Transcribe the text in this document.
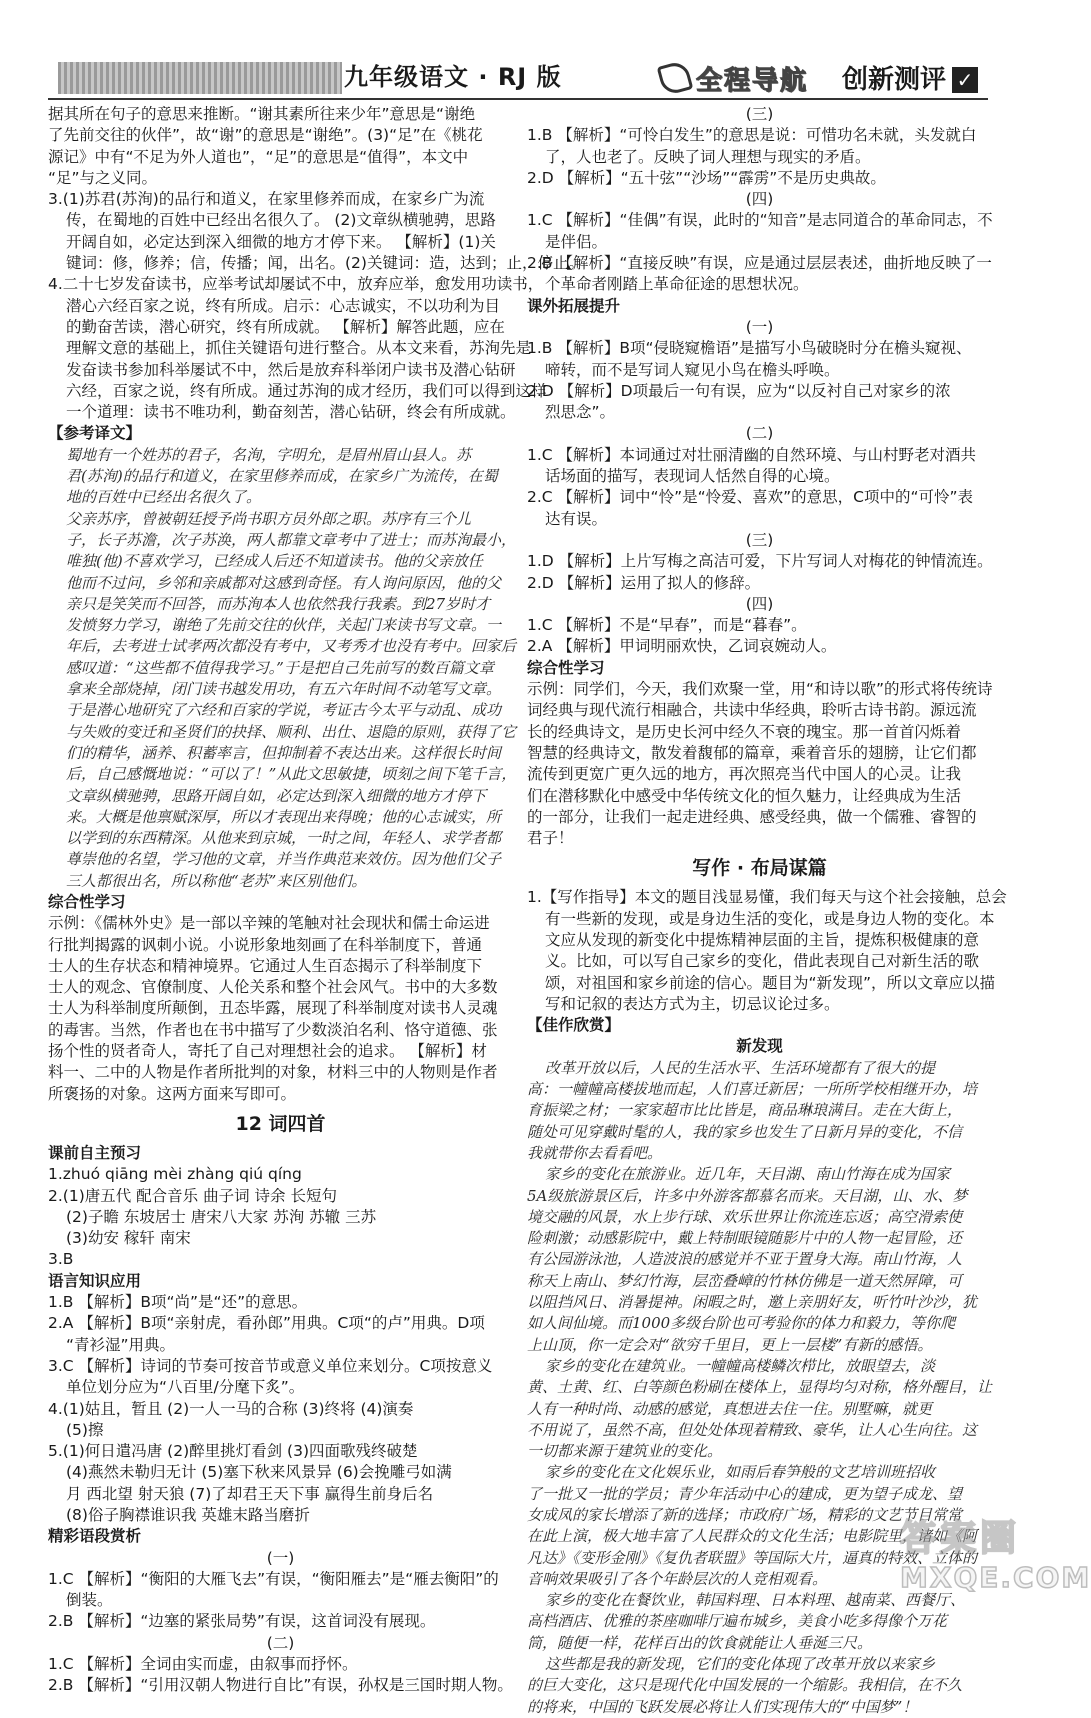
九年级语文 · RJ 版	全程导航 创新测评 ✓
据其所在句子的意思来推断。“谢其素所往来少年”意思是“谢绝
了先前交往的伙伴”，故“谢”的意思是“谢绝”。(3)“足”在《桃花
源记》中有“不足为外人道也”，“足”的意思是“值得”，本文中
“足”与之义同。
3.(1)苏君(苏洵)的品行和道义，在家里修养而成，在家乡广为流
传，在蜀地的百姓中已经出名很久了。 (2)文章纵横驰骋，思路
开阔自如，必定达到深入细微的地方才停下来。 【解析】(1)关
键词：修，修养；信，传播；闻，出名。(2)关键词：造，达到；止，停止。
4.二十七岁发奋读书，应举考试却屡试不中，放弃应举，愈发用功读书，
潜心六经百家之说，终有所成。启示：心志诚实，不以功利为目
的勤奋苦读，潜心研究，终有所成就。 【解析】解答此题，应在
理解文意的基础上，抓住关键语句进行整合。从本文来看，苏洵先是
发奋读书参加科举屡试不中，然后是放弃科举闭户读书及潜心钻研
六经，百家之说，终有所成。通过苏洵的成才经历，我们可以得到这样
一个道理：读书不唯功利，勤奋刻苦，潜心钻研，终会有所成就。
【参考译文】
蜀地有一个姓苏的君子，名洵，字明允，是眉州眉山县人。苏
君(苏洵)的品行和道义，在家里修养而成，在家乡广为流传，在蜀
地的百姓中已经出名很久了。
父亲苏序，曾被朝廷授予尚书职方员外郎之职。苏序有三个儿
子，长子苏澹，次子苏涣，两人都靠文章考中了进士；而苏洵最小，
唯独(他)不喜欢学习，已经成人后还不知道读书。他的父亲放任
他而不过问，乡邻和亲戚都对这感到奇怪。有人询问原因，他的父
亲只是笑笑而不回答，而苏洵本人也依然我行我素。到27岁时才
发愤努力学习，谢绝了先前交往的伙伴，关起门来读书写文章。一
年后，去考进士试孝两次都没有考中，又考秀才也没有考中。回家后
感叹道：“这些都不值得我学习。”于是把自己先前写的数百篇文章
拿来全部烧掉，闭门读书越发用功，有五六年时间不动笔写文章。
于是潜心地研究了六经和百家的学说，考证古今太平与动乱、成功
与失败的变迁和圣贤们的抉择、顺利、出仕、退隐的原则，获得了它
们的精华，涵养、积蓄率言，但抑制着不表达出来。这样很长时间
后，自己感慨地说：“可以了！”从此文思敏捷，顷刻之间下笔千言，
文章纵横驰骋，思路开阔自如，必定达到深入细微的地方才停下
来。大概是他禀赋深厚，所以才表现出来得晚；他的心志诚实，所
以学到的东西精深。从他来到京城，一时之间，年轻人、求学者都
尊崇他的名望，学习他的文章，并当作典范来效仿。因为他们父子
三人都很出名，所以称他“老苏”来区别他们。
综合性学习
示例：《儒林外史》是一部以辛辣的笔触对社会现状和儒士命运进
行批判揭露的讽刺小说。小说形象地刻画了在科举制度下，普通
士人的生存状态和精神境界。它通过人生百态揭示了科举制度下
士人的观念、官僚制度、人伦关系和整个社会风气。书中的大多数
士人为科举制度所颠倒，丑态毕露，展现了科举制度对读书人灵魂
的毒害。当然，作者也在书中描写了少数淡泊名利、恪守道德、张
扬个性的贤者奇人，寄托了自己对理想社会的追求。 【解析】材
料一、二中的人物是作者所批判的对象，材料三中的人物则是作者
所褒扬的对象。这两方面来写即可。
12 词四首
课前自主预习
1.zhuó qiāng mèi zhàng qiú qíng
2.(1)唐五代 配合音乐 曲子词 诗余 长短句
(2)子瞻 东坡居士 唐宋八大家 苏洵 苏辙 三苏
(3)幼安 稼轩 南宋
3.B
语言知识应用
1.B 【解析】B项“尚”是“还”的意思。
2.A 【解析】B项“亲射虎，看孙郎”用典。C项“的卢”用典。D项
“青衫湿”用典。
3.C 【解析】诗词的节奏可按音节或意义单位来划分。C项按意义
单位划分应为“八百里/分麾下炙”。
4.(1)姑且，暂且 (2)一人一马的合称 (3)终将 (4)演奏
(5)擦
5.(1)何日遣冯唐 (2)醉里挑灯看剑 (3)四面歌残终破楚
(4)燕然未勒归无计 (5)塞下秋来风景异 (6)会挽雕弓如满
月 西北望 射天狼 (7)了却君王天下事 赢得生前身后名
(8)俗子胸襟谁识我 英雄末路当磨折
精彩语段赏析
(一)
1.C 【解析】“衡阳的大雁飞去”有误，“衡阳雁去”是“雁去衡阳”的
倒装。
2.B 【解析】“边塞的紧张局势”有误，这首词没有展现。
(二)
1.C 【解析】全词由实而虚，由叙事而抒怀。
2.B 【解析】“引用汉朝人物进行自比”有误，孙权是三国时期人物。
(三)
1.B 【解析】“可怜白发生”的意思是说：可惜功名未就，头发就白
了，人也老了。反映了词人理想与现实的矛盾。
2.D 【解析】“五十弦”“沙场”“霹雳”不是历史典故。
(四)
1.C 【解析】“佳偶”有误，此时的“知音”是志同道合的革命同志，不
是伴侣。
2.B 【解析】“直接反映”有误，应是通过层层表述，曲折地反映了一
个革命者刚踏上革命征途的思想状况。
课外拓展提升
(一)
1.B 【解析】B项“侵晓窥檐语”是描写小鸟破晓时分在檐头窥视、
啼转，而不是写词人窥见小鸟在檐头呼唤。
2.D 【解析】D项最后一句有误，应为“以反衬自己对家乡的浓
烈思念”。
(二)
1.C 【解析】本词通过对壮丽清幽的自然环境、与山村野老对酒共
话场面的描写，表现词人恬然自得的心境。
2.C 【解析】词中“怜”是“怜爱、喜欢”的意思，C项中的“可怜”表
达有误。
(三)
1.D 【解析】上片写梅之高洁可爱，下片写词人对梅花的钟情流连。
2.D 【解析】运用了拟人的修辞。
(四)
1.C 【解析】不是“早春”，而是“暮春”。
2.A 【解析】甲词明丽欢快，乙词哀婉动人。
综合性学习
示例：同学们，今天，我们欢聚一堂，用“和诗以歌”的形式将传统诗
词经典与现代流行相融合，共读中华经典，聆听古诗书韵。源远流
长的经典诗文，是历史长河中经久不衰的瑰宝。那一首首闪烁着
智慧的经典诗文，散发着馥郁的篇章，乘着音乐的翅膀，让它们都
流传到更宽广更久远的地方，再次照亮当代中国人的心灵。让我
们在潜移默化中感受中华传统文化的恒久魅力，让经典成为生活
的一部分，让我们一起走进经典、感受经典，做一个儒雅、睿智的
君子！
写作 · 布局谋篇
1.【写作指导】本文的题目浅显易懂，我们每天与这个社会接触，总会
有一些新的发现，或是身边生活的变化，或是身边人物的变化。本
文应从发现的新变化中提炼精神层面的主旨，提炼积极健康的意
义。比如，可以写自己家乡的变化，借此表现自己对新生活的歌
颂，对祖国和家乡前途的信心。题目为“新发现”，所以文章应以描
写和记叙的表达方式为主，切忌议论过多。
【佳作欣赏】
新发现
改革开放以后，人民的生活水平、生活环境都有了很大的提
高：一幢幢高楼拔地而起，人们喜迁新居；一所所学校相继开办，培
育振梁之材；一家家超市比比皆是，商品琳琅满目。走在大街上，
随处可见穿戴时髦的人，我的家乡也发生了日新月异的变化，不信
我就带你去看看吧。
家乡的变化在旅游业。近几年，天目湖、南山竹海在成为国家
5A级旅游景区后，许多中外游客都慕名而来。天目湖，山、水、梦
境交融的风景，水上步行球、欢乐世界让你流连忘返；高空滑索使
险刺激；动感影院中，戴上特制眼镜随影片中的人物一起冒险，还
有公园游泳池，人造波浪的感觉并不亚于置身大海。南山竹海，人
称天上南山、梦幻竹海，层峦叠嶂的竹林仿佛是一道天然屏障，可
以阻挡风日、消暑提神。闲暇之时，邀上亲朋好友，听竹叶沙沙，犹
如人间仙境。而1000多级台阶也可考验你的体力和毅力，等你爬
上山顶，你一定会对“欲穷千里目，更上一层楼”有新的感悟。
家乡的变化在建筑业。一幢幢高楼鳞次栉比，放眼望去，淡
黄、土黄、红、白等颜色粉刷在楼体上，显得均匀对称，格外醒目，让
人有一种时尚、动感的感觉，真想进去住一住。别墅嘛，就更
不用说了，虽然不高，但处处体现着精致、豪华，让人心生向往。这
一切都来源于建筑业的变化。
家乡的变化在文化娱乐业，如雨后春笋般的文艺培训班招收
了一批又一批的学员；青少年活动中心的建成，更为望子成龙、望
女成凤的家长增添了新的选择；市政府广场，精彩的文艺节目常常
在此上演，极大地丰富了人民群众的文化生活；电影院里，诸如《阿
凡达》《变形金刚》《复仇者联盟》等国际大片，逼真的特效、立体的
音响效果吸引了各个年龄层次的人竞相观看。
家乡的变化在餐饮业，韩国料理、日本料理、越南菜、西餐厅、
高档酒店、优雅的茶座咖啡厅遍布城乡，美食小吃多得像个万花
筒，随便一样，花样百出的饮食就能让人垂涎三尺。
这些都是我的新发现，它们的变化体现了改革开放以来家乡
的巨大变化，这只是现代化中国发展的一个缩影。我相信，在不久
的将来，中国的飞跃发展必将让人们实现伟大的“中国梦”！
答案圈
MXQE.COM
